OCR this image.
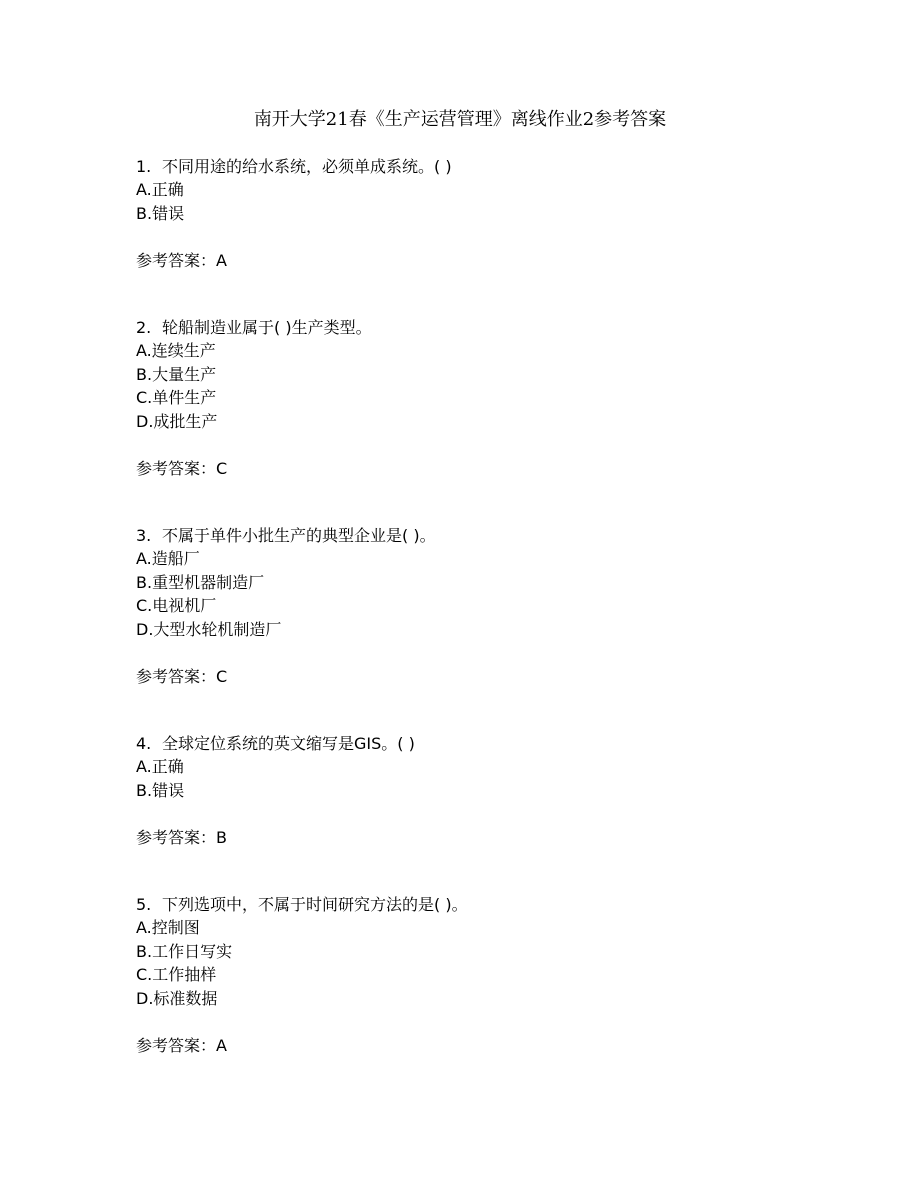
南开大学21春《生产运营管理》离线作业2参考答案
1. 不同用途的给水系统，必须单成系统。( )
A.正确
B.错误
参考答案：A
2. 轮船制造业属于( )生产类型。
A.连续生产
B.大量生产
C.单件生产
D.成批生产
参考答案：C
3. 不属于单件小批生产的典型企业是( )。
A.造船厂
B.重型机器制造厂
C.电视机厂
D.大型水轮机制造厂
参考答案：C
4. 全球定位系统的英文缩写是GIS。( )
A.正确
B.错误
参考答案：B
5. 下列选项中，不属于时间研究方法的是( )。
A.控制图
B.工作日写实
C.工作抽样
D.标准数据
参考答案：A
